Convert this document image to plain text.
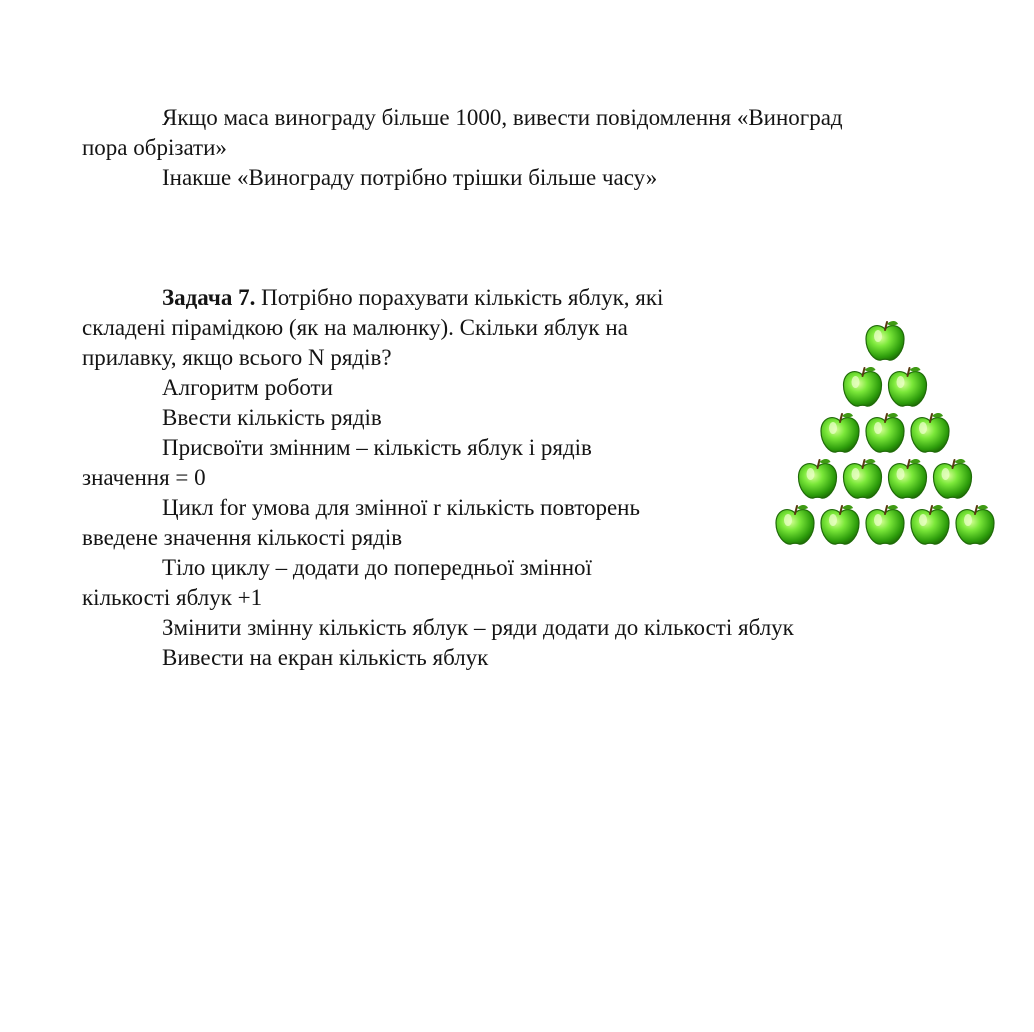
Якщо маса винограду більше 1000, вивести повідомлення «Виноград

пора обрізати»

Інакше «Винограду потрібно трішки більше часу»

Задача 7. Потрібно порахувати кількість яблук, які

складені пірамідкою (як на малюнку). Скільки яблук на

прилавку, якщо всього N рядів?

Алгоритм роботи

Ввести кількість рядів

Присвоїти змінним – кількість яблук і рядів

значення = 0

Цикл for умова для змінної r кількість повторень

введене значення кількості рядів

Тіло циклу – додати до попередньої змінної

кількості яблук +1

Змінити змінну кількість яблук – ряди додати до кількості яблук

Вивести на екран кількість яблук
